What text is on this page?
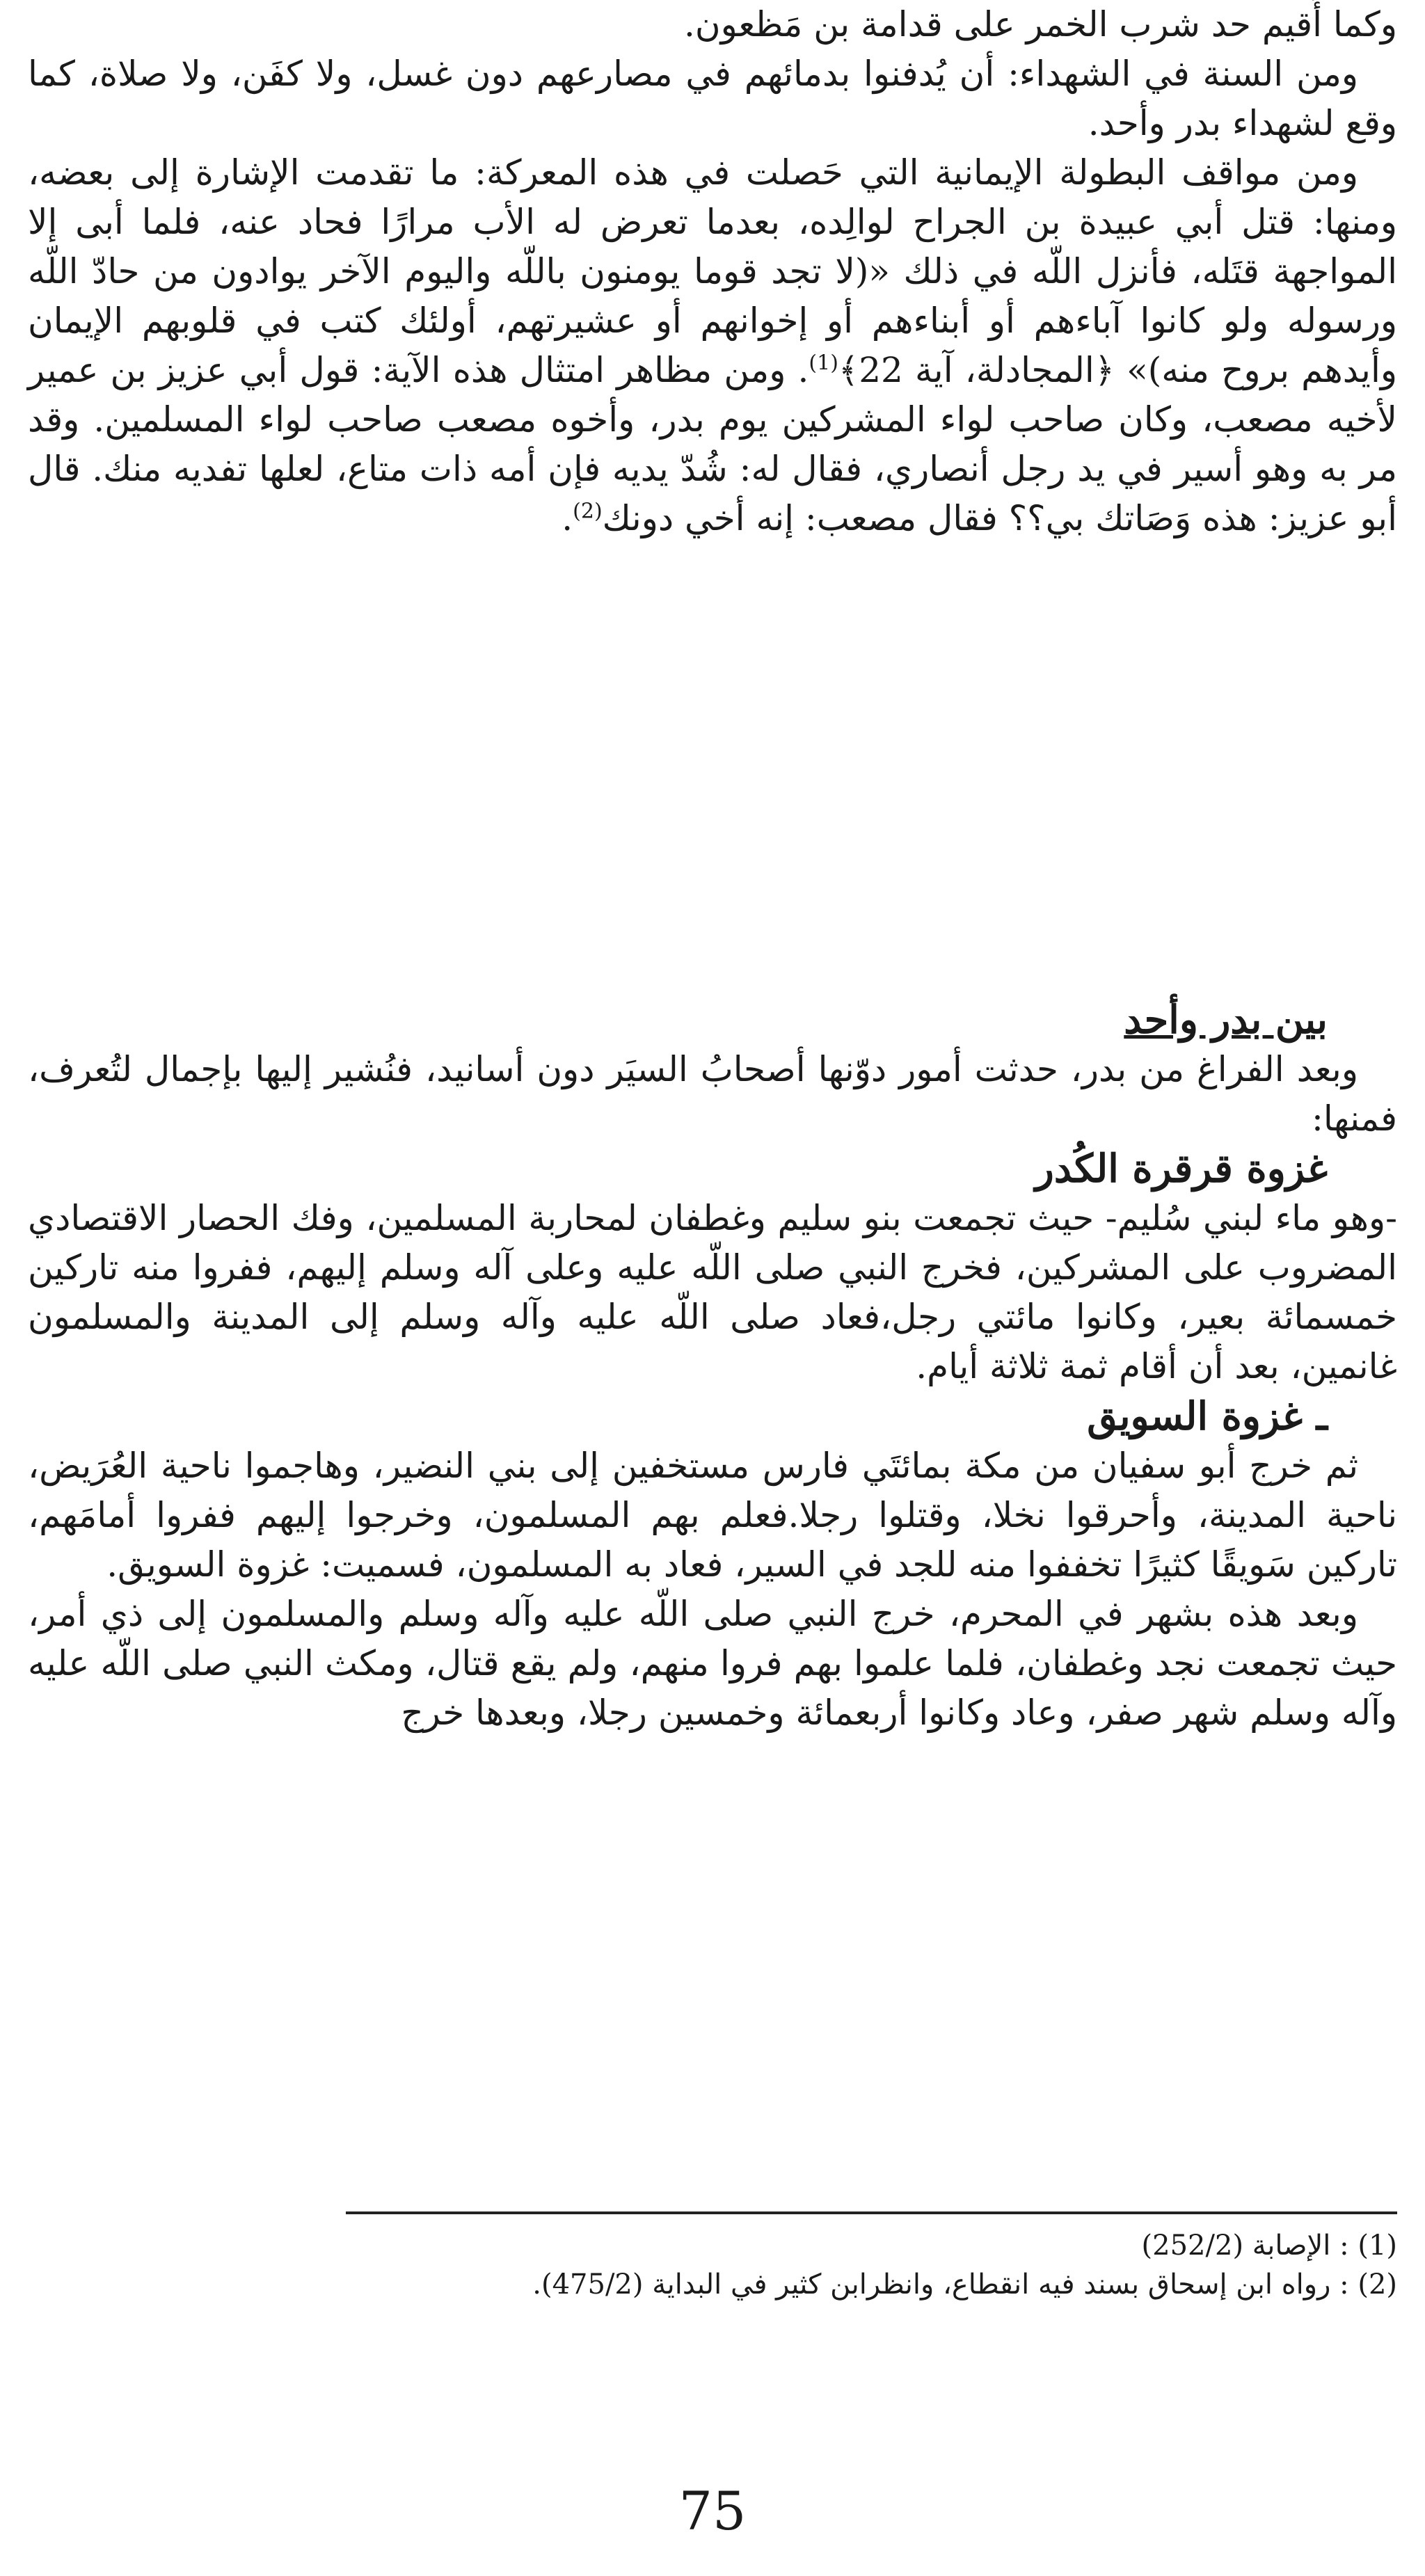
وكما أُقيم حد شرب الخمر على قدامة بن مَظعون.

ومن السنة في الشهداء: أن يُدفنوا بدمائهم في مصارعهم دون غسل، ولا كفَن، ولا صلاة، كما وقع لشهداء بدر وأحد.

ومن مواقف البطولة الإيمانية التي حَصلت في هذه المعركة: ما تقدمت الإشارة إلى بعضه، ومنها: قتل أبي عبيدة بن الجراح لوالِده، بعدما تعرض له الأب مرارًا فحاد عنه، فلما أبى إلا المواجهة قتَله، فأنزل اللّه في ذلك «(لا تجد قوما يومنون باللّه واليوم الآخر يوادون من حادّ اللّه ورسوله ولو كانوا آباءهم أو أبناءهم أو إخوانهم أو عشيرتهم، أولئك كتب في قلوبهم الإيمان وأيدهم بروح منه)» ﴿المجادلة، آية 22﴾$^{(1)}$. ومن مظاهر امتثال هذه الآية: قول أبي عزيز بن عمير لأخيه مصعب، وكان صاحب لواء المشركين يوم بدر، وأخوه مصعب صاحب لواء المسلمين. وقد مر به وهو أسير في يد رجل أنصاري، فقال له: شُدّ يديه فإن أمه ذات متاع، لعلها تفديه منك. قال أبو عزيز: هذه وَصَاتك بي؟؟ فقال مصعب: إنه أخي دونك$^{(2)}$.

بين بدر وأحد

وبعد الفراغ من بدر، حدثت أمور دوّنها أصحابُ السيَر دون أسانيد، فنُشير إليها بإجمال لتُعرف، فمنها:

غزوة قرقرة الكُدر

-وهو ماء لبني سُليم- حيث تجمعت بنو سليم وغطفان لمحاربة المسلمين، وفك الحصار الاقتصادي المضروب على المشركين، فخرج النبي صلى اللّه عليه وعلى آله وسلم إليهم، ففروا منه تاركين خمسمائة بعير، وكانوا مائتي رجل،فعاد صلى اللّه عليه وآله وسلم إلى المدينة والمسلمون غانمين، بعد أن أقام ثمة ثلاثة أيام.

ـ غزوة السويق

ثم خرج أبو سفيان من مكة بمائتَي فارس مستخفين إلى بني النضير، وهاجموا ناحية العُرَيض، ناحية المدينة، وأحرقوا نخلا، وقتلوا رجلا.فعلم بهم المسلمون، وخرجوا إليهم ففروا أمامَهم، تاركين سَويقًا كثيرًا تخففوا منه للجد في السير، فعاد به المسلمون، فسميت: غزوة السويق.

وبعد هذه بشهر في المحرم، خرج النبي صلى اللّه عليه وآله وسلم والمسلمون إلى ذي أمر، حيث تجمعت نجد وغطفان، فلما علموا بهم فروا منهم، ولم يقع قتال، ومكث النبي صلى اللّه عليه وآله وسلم شهر صفر، وعاد وكانوا أربعمائة وخمسين رجلا، وبعدها خرج

(1) : الإصابة (252/2)

(2) : رواه ابن إسحاق بسند فيه انقطاع، وانظرابن كثير في البداية (475/2).

75
